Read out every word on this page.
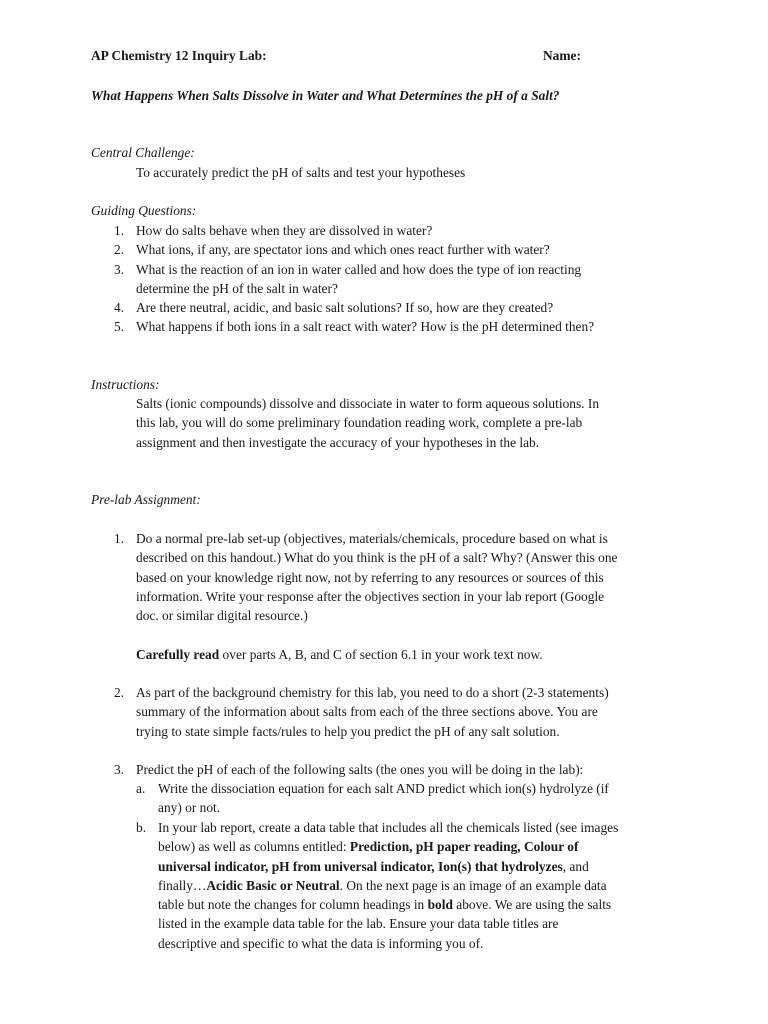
AP Chemistry 12 Inquiry Lab:	Name:
What Happens When Salts Dissolve in Water and What Determines the pH of a Salt?
Central Challenge:
To accurately predict the pH of salts and test your hypotheses
Guiding Questions:
1. How do salts behave when they are dissolved in water?
2. What ions, if any, are spectator ions and which ones react further with water?
3. What is the reaction of an ion in water called and how does the type of ion reacting
determine the pH of the salt in water?
4. Are there neutral, acidic, and basic salt solutions? If so, how are they created?
5. What happens if both ions in a salt react with water? How is the pH determined then?
Instructions:
Salts (ionic compounds) dissolve and dissociate in water to form aqueous solutions. In
this lab, you will do some preliminary foundation reading work, complete a pre-lab
assignment and then investigate the accuracy of your hypotheses in the lab.
Pre-lab Assignment:
1. Do a normal pre-lab set-up (objectives, materials/chemicals, procedure based on what is
described on this handout.) What do you think is the pH of a salt? Why? (Answer this one
based on your knowledge right now, not by referring to any resources or sources of this
information. Write your response after the objectives section in your lab report (Google
doc. or similar digital resource.)
Carefully read over parts A, B, and C of section 6.1 in your work text now.
2. As part of the background chemistry for this lab, you need to do a short (2-3 statements)
summary of the information about salts from each of the three sections above. You are
trying to state simple facts/rules to help you predict the pH of any salt solution.
3. Predict the pH of each of the following salts (the ones you will be doing in the lab):
a. Write the dissociation equation for each salt AND predict which ion(s) hydrolyze (if
any) or not.
b. In your lab report, create a data table that includes all the chemicals listed (see images
below) as well as columns entitled: Prediction, pH paper reading, Colour of
universal indicator, pH from universal indicator, Ion(s) that hydrolyzes, and
finally…Acidic Basic or Neutral. On the next page is an image of an example data
table but note the changes for column headings in bold above. We are using the salts
listed in the example data table for the lab. Ensure your data table titles are
descriptive and specific to what the data is informing you of.
